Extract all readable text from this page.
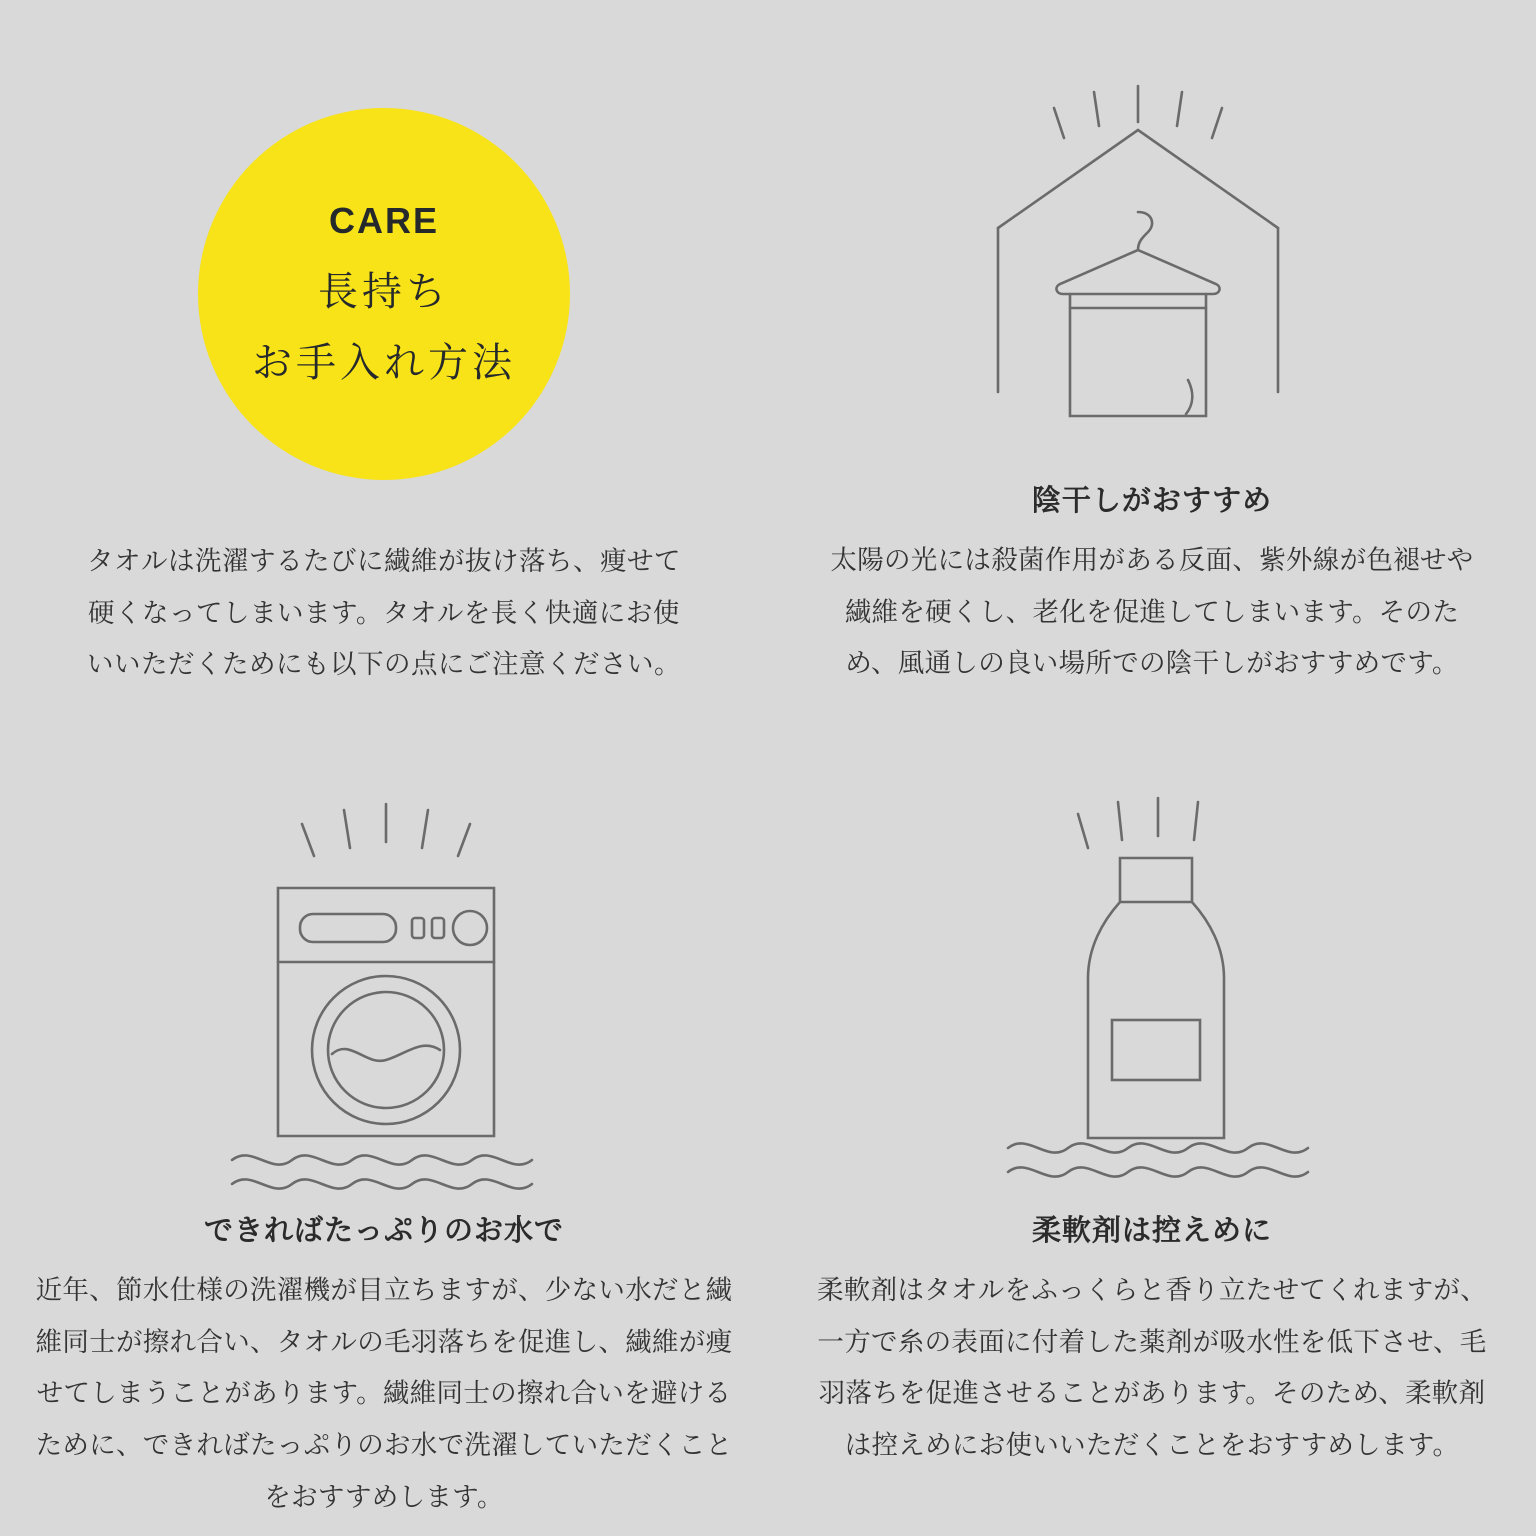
CARE
長持ち
お手入れ方法
タオルは洗濯するたびに繊維が抜け落ち、痩せて硬くなってしまいます。タオルを長く快適にお使いいただくためにも以下の点にご注意ください。
陰干しがおすすめ
太陽の光には殺菌作用がある反面、紫外線が色褪せや繊維を硬くし、老化を促進してしまいます。そのため、風通しの良い場所での陰干しがおすすめです。
できればたっぷりのお水で
近年、節水仕様の洗濯機が目立ちますが、少ない水だと繊維同士が擦れ合い、タオルの毛羽落ちを促進し、繊維が痩せてしまうことがあります。繊維同士の擦れ合いを避けるために、できればたっぷりのお水で洗濯していただくことをおすすめします。
柔軟剤は控えめに
柔軟剤はタオルをふっくらと香り立たせてくれますが、一方で糸の表面に付着した薬剤が吸水性を低下させ、毛羽落ちを促進させることがあります。そのため、柔軟剤は控えめにお使いいただくことをおすすめします。
